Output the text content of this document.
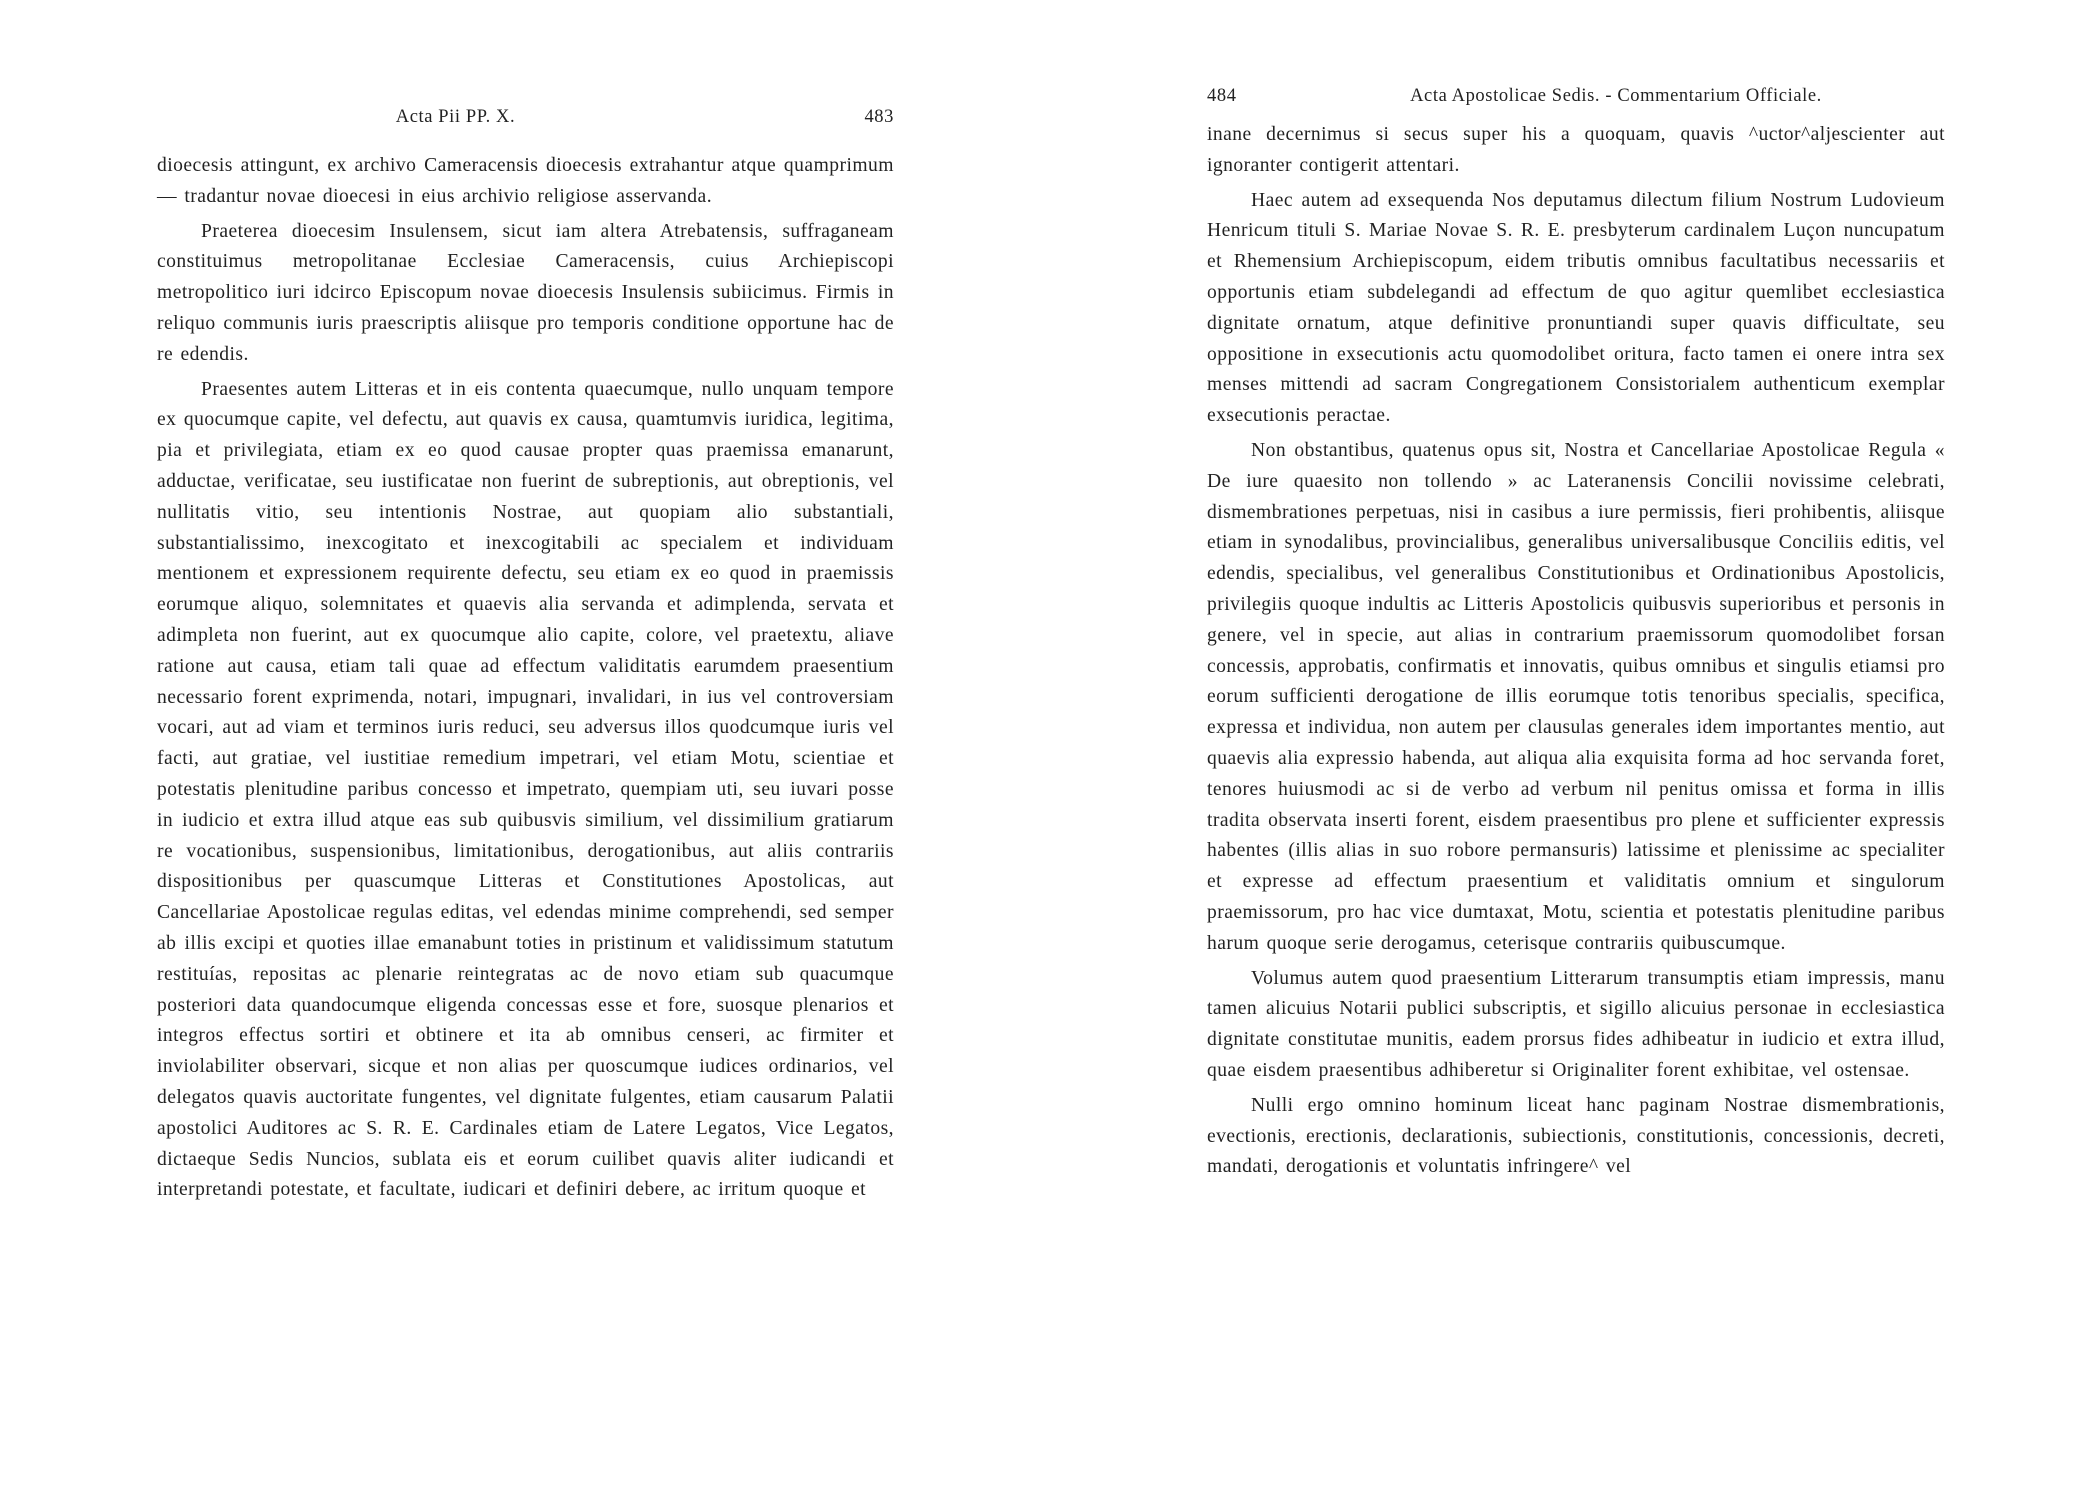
Acta Pii PP. X.	483

dioecesis attingunt, ex archivo Cameracensis dioecesis extrahantur atque quamprimum— tradantur novae dioecesi in eius archivio religiose asservanda.

Praeterea dioecesim Insulensem, sicut iam altera Atrebatensis, suffraganeam constituimus metropolitanae Ecclesiae Cameracensis, cuius Archiepiscopi metropolitico iuri idcirco Episcopum novae dioecesis Insulensis subiicimus. Firmis in reliquo communis iuris praescriptis aliisque pro temporis conditione opportune hac de re edendis.

Praesentes autem Litteras et in eis contenta quaecumque, nullo unquam tempore ex quocumque capite, vel defectu, aut quavis ex causa, quamtumvis iuridica, legitima, pia et privilegiata, etiam ex eo quod causae propter quas praemissa emanarunt, adductae, verificatae, seu iustificatae non fuerint de subreptionis, aut obreptionis, vel nullitatis vitio, seu intentionis Nostrae, aut quopiam alio substantiali, substantialissimo, inexcogitato et inexcogitabili ac specialem et individuam mentionem et expressionem requirente defectu, seu etiam ex eo quod in praemissis eorumque aliquo, solemnitates et quaevis alia servanda et adimplenda, servata et adimpleta non fuerint, aut ex quocumque alio capite, colore, vel praetextu, aliave ratione aut causa, etiam tali quae ad effectum validitatis earumdem praesentium necessario forent exprimenda, notari, impugnari, invalidari, in ius vel controversiam vocari, aut ad viam et terminos iuris reduci, seu adversus illos quodcumque iuris vel facti, aut gratiae, vel iustitiae remedium impetrari, vel etiam Motu, scientiae et potestatis plenitudine paribus concesso et impetrato, quempiam uti, seu iuvari posse in iudicio et extra illud atque eas sub quibusvis similium, vel dissimilium gratiarum re vocationibus, suspensionibus, limitationibus, derogationibus, aut aliis contrariis dispositionibus per quascumque Litteras et Constitutiones Apostolicas, aut Cancellariae Apostolicae regulas editas, vel edendas minime comprehendi, sed semper ab illis excipi et quoties illae emanabunt toties in pristinum et validissimum statutum restituías, repositas ac plenarie reintegratas ac de novo etiam sub quacumque posteriori data quandocumque eligenda concessas esse et fore, suosque plenarios et integros effectus sortiri et obtinere et ita ab omnibus censeri, ac firmiter et inviolabiliter observari, sicque et non alias per quoscumque iudices ordinarios, vel delegatos quavis auctoritate fungentes, vel dignitate fulgentes, etiam causarum Palatii apostolici Auditores ac S. R. E. Cardinales etiam de Latere Legatos, Vice Legatos, dictaeque Sedis Nuncios, sublata eis et eorum cuilibet quavis aliter iudicandi et interpretandi potestate, et facultate, iudicari et definiri debere, ac irritum quoque et

484	Acta Apostolicae Sedis. - Commentarium Officiale.

inane decernimus si secus super his a quoquam, quavis ^uctor^aljescienter aut ignoranter contigerit attentari.

Haec autem ad exsequenda Nos deputamus dilectum filium Nostrum Ludovieum Henricum tituli S. Mariae Novae S. R. E. presbyterum cardinalem Luçon nuncupatum et Rhemensium Archiepiscopum, eidem tributis omnibus facultatibus necessariis et opportunis etiam subdelegandi ad effectum de quo agitur quemlibet ecclesiastica dignitate ornatum, atque definitive pronuntiandi super quavis difficultate, seu oppositione in exsecutionis actu quomodolibet oritura, facto tamen ei onere intra sex menses mittendi ad sacram Congregationem Consistorialem authenticum exemplar exsecutionis peractae.

Non obstantibus, quatenus opus sit, Nostra et Cancellariae Apostolicae Regula « De iure quaesito non tollendo » ac Lateranensis Concilii novissime celebrati, dismembrationes perpetuas, nisi in casibus a iure permissis, fieri prohibentis, aliisque etiam in synodalibus, provincialibus, generalibus universalibusque Conciliis editis, vel edendis, specialibus, vel generalibus Constitutionibus et Ordinationibus Apostolicis, privilegiis quoque indultis ac Litteris Apostolicis quibusvis superioribus et personis in genere, vel in specie, aut alias in contrarium praemissorum quomodolibet forsan concessis, approbatis, confirmatis et innovatis, quibus omnibus et singulis etiamsi pro eorum sufficienti derogatione de illis eorumque totis tenoribus specialis, specifica, expressa et individua, non autem per clausulas generales idem importantes mentio, aut quaevis alia expressio habenda, aut aliqua alia exquisita forma ad hoc servanda foret, tenores huiusmodi ac si de verbo ad verbum nil penitus omissa et forma in illis tradita observata inserti forent, eisdem praesentibus pro plene et sufficienter expressis habentes (illis alias in suo robore permansuris) latissime et plenissime ac specialiter et expresse ad effectum praesentium et validitatis omnium et singulorum praemissorum, pro hac vice dumtaxat, Motu, scientia et potestatis plenitudine paribus harum quoque serie derogamus, ceterisque contrariis quibuscumque.

Volumus autem quod praesentium Litterarum transumptis etiam impressis, manu tamen alicuius Notarii publici subscriptis, et sigillo alicuius personae in ecclesiastica dignitate constitutae munitis, eadem prorsus fides adhibeatur in iudicio et extra illud, quae eisdem praesentibus adhiberetur si Originaliter forent exhibitae, vel ostensae.

Nulli ergo omnino hominum liceat hanc paginam Nostrae dismembrationis, evectionis, erectionis, declarationis, subiectionis, constitutionis, concessionis, decreti, mandati, derogationis et voluntatis infringere^ vel
